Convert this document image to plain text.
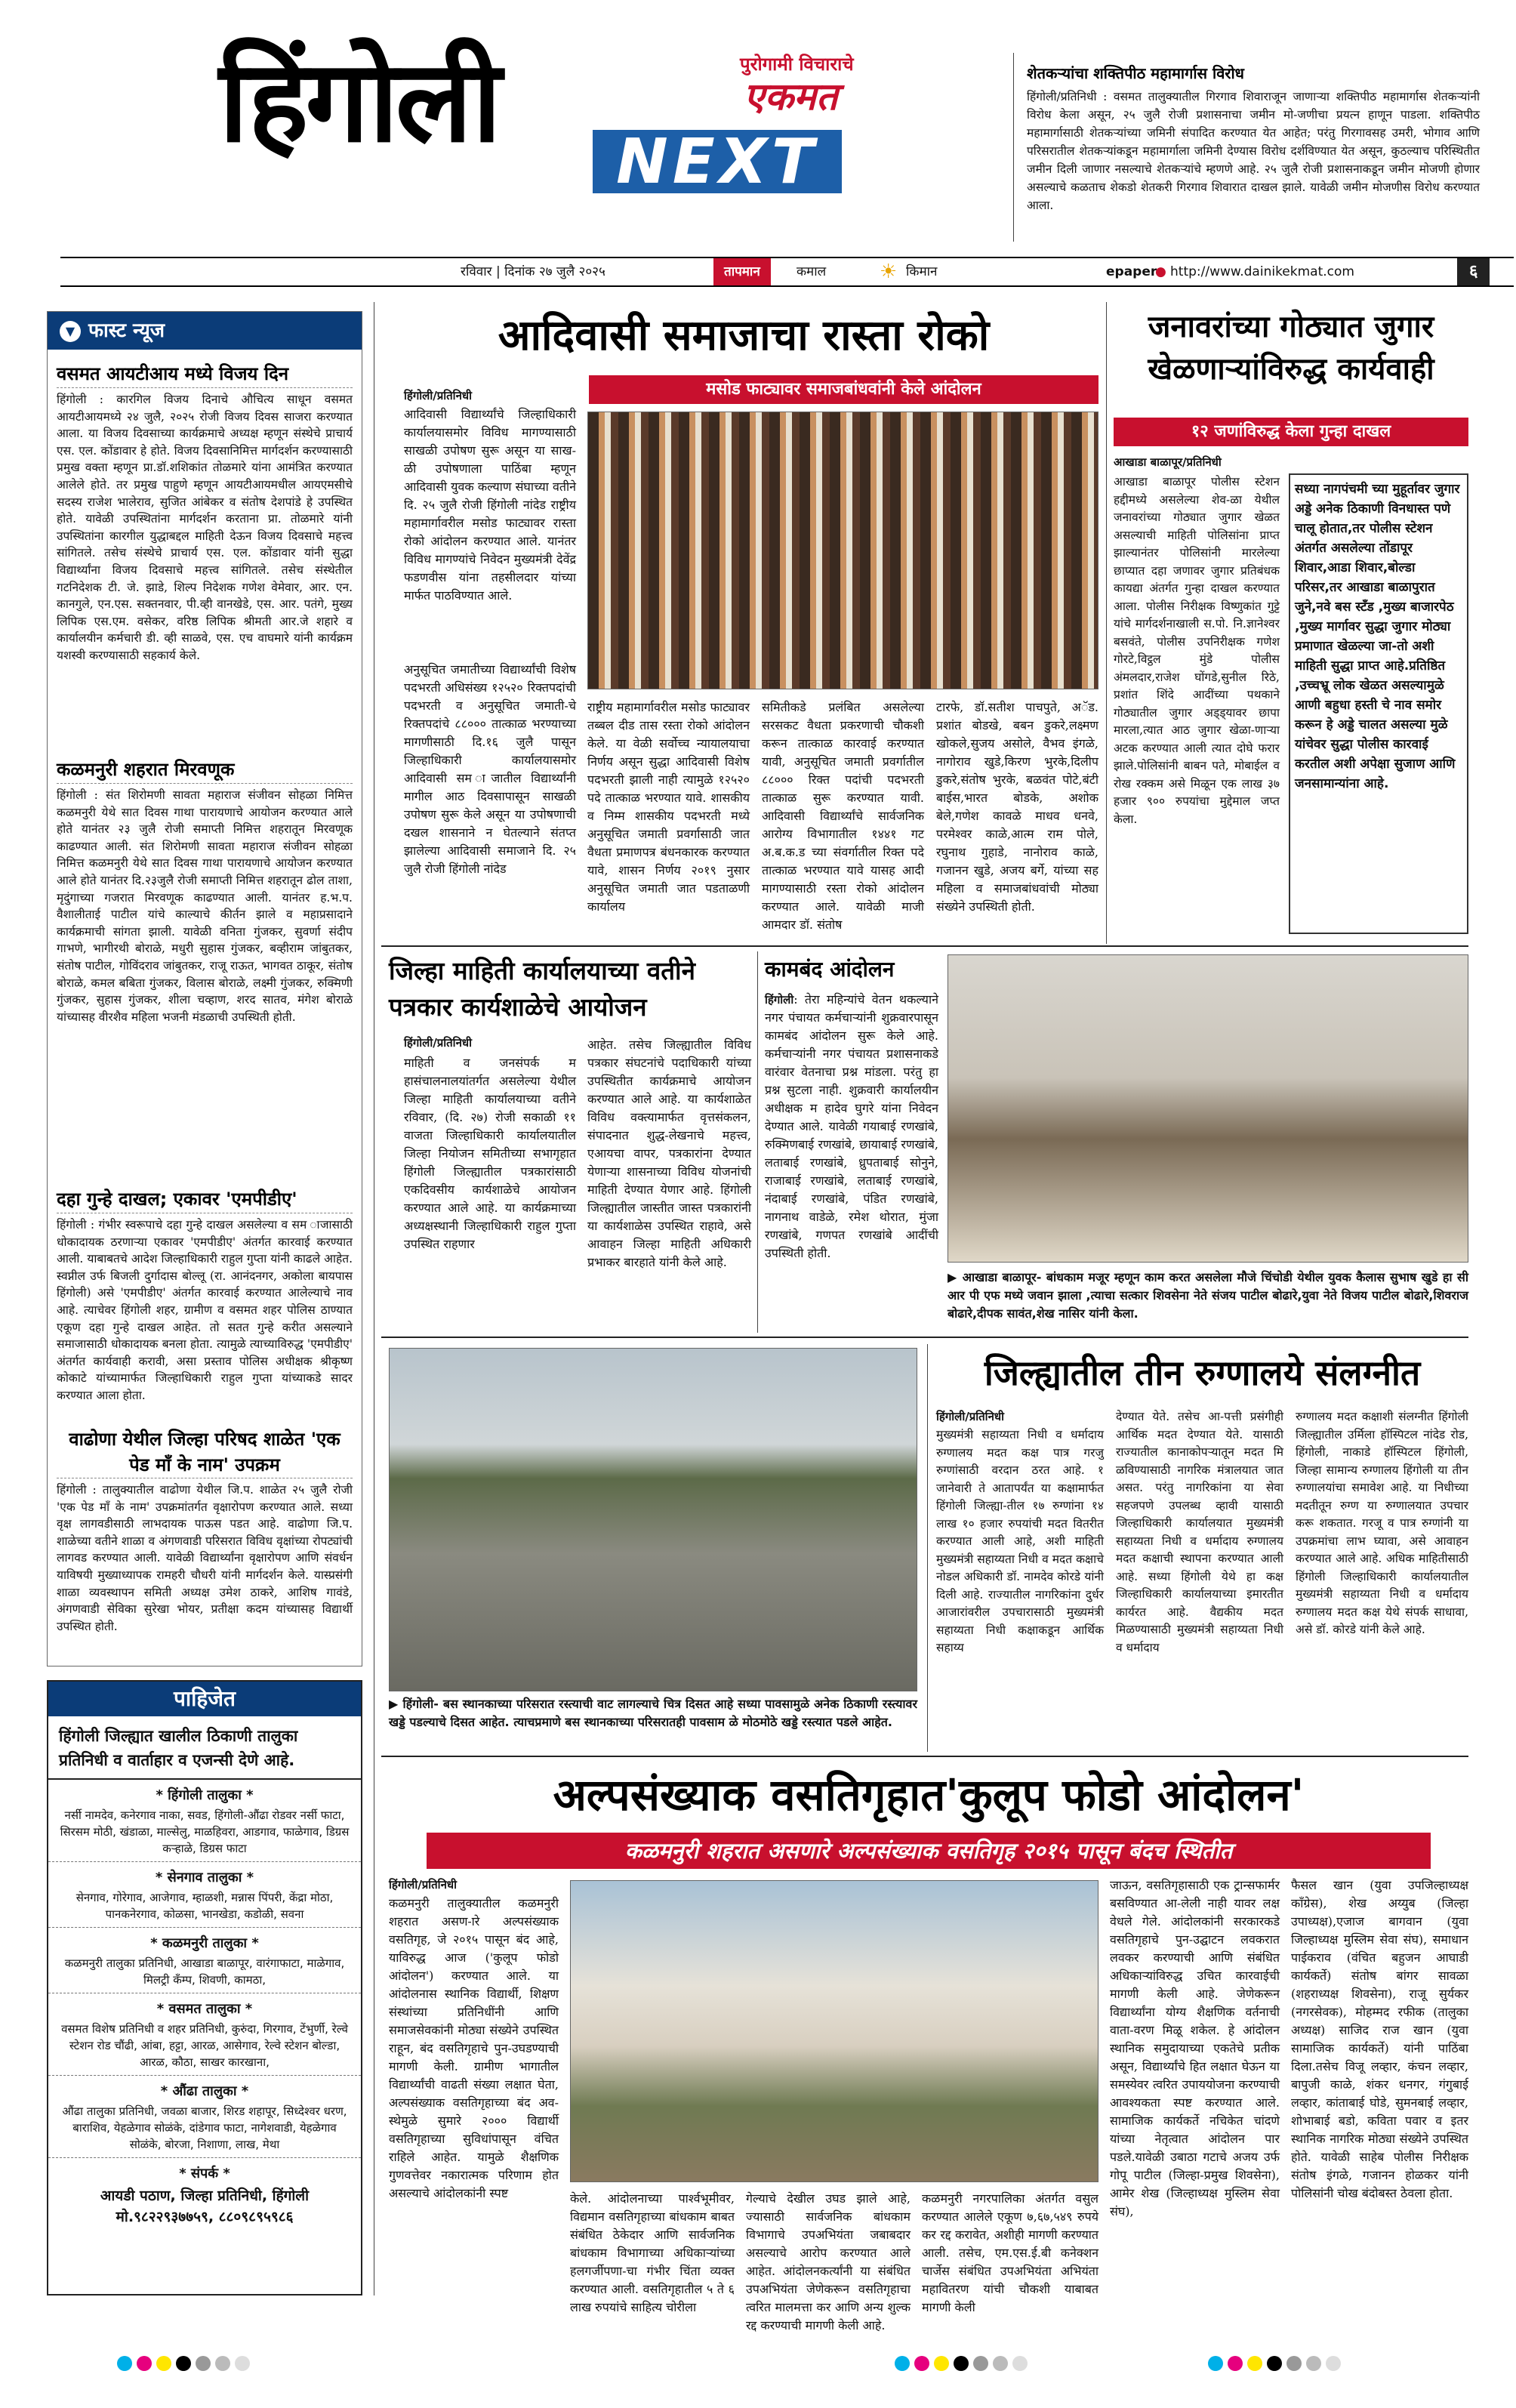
हिंगोली	पुरोगामी विचाराचे
एकमत
NEXT
शेतकऱ्यांचा शक्तिपीठ महामार्गास विरोध
हिंगोली/प्रतिनिधी : वसमत तालुक्यातील गिरगाव शिवाराजून जाणाऱ्या शक्तिपीठ महामार्गास शेतकऱ्यांनी विरोध केला असून, २५ जुलै रोजी प्रशासनाचा जमीन मो-जणीचा प्रयत्न हाणून पाडला. शक्तिपीठ महामार्गासाठी शेतकऱ्यांच्या जमिनी संपादित करण्यात येत आहेत; परंतु गिरगावसह उमरी, भोगाव आणि परिसरातील शेतकऱ्यांकडून महामार्गाला जमिनी देण्यास विरोध दर्शविण्यात येत असून, कुठल्याच परिस्थितीत जमीन दिली जाणार नसल्याचे शेतकऱ्यांचे म्हणणे आहे. २५ जुलै रोजी प्रशासनाकडून जमीन मोजणी होणार असल्याचे कळताच शेकडो शेतकरी गिरगाव शिवारात दाखल झाले. यावेळी जमीन मोजणीस विरोध करण्यात आला.
रविवार | दिनांक २७ जुलै २०२५	तापमान	कमाल	☀ किमान	epaper
● http://www.dainikekmat.com	६
▼ फास्ट न्यूज
वसमत आयटीआय मध्ये विजय दिन
हिंगोली : कारगिल विजय दिनाचे औचित्य साधून वसमत आयटीआयमध्ये २४ जुलै, २०२५ रोजी विजय दिवस साजरा करण्यात आला. या विजय दिवसाच्या कार्यक्रमाचे अध्यक्ष म्हणून संस्थेचे प्राचार्य एस. एल. कोंडावार हे होते. विजय दिवसानिमित्त मार्गदर्शन करण्यासाठी प्रमुख वक्ता म्हणून प्रा.डॉ.शशिकांत तोळमारे यांना आमंत्रित करण्यात आलेले होते. तर प्रमुख पाहुणे म्हणून आयटीआयमधील आयएमसीचे सदस्य राजेश भालेराव, सुजित आंबेकर व संतोष देशपांडे हे उपस्थित होते. यावेळी उपस्थितांना मार्गदर्शन करताना प्रा. तोळमारे यांनी उपस्थितांना कारगील युद्धाबद्दल माहिती देऊन विजय दिवसाचे महत्त्व सांगितले. तसेच संस्थेचे प्राचार्य एस. एल. कोंडावार यांनी सुद्धा विद्यार्थ्यांना विजय दिवसाचे महत्त्व सांगितले. तसेच संस्थेतील गटनिदेशक टी. जे. झाडे, शिल्प निदेशक गणेश वेमेवार, आर. एन. कानगुले, एन.एस. सक्तनवार, पी.व्ही वानखेडे, एस. आर. पतंगे, मुख्य लिपिक एस.एम. वसेकर, वरिष्ठ लिपिक श्रीमती आर.जे शहारे व कार्यालयीन कर्मचारी डी. व्ही साळवे, एस. एच वाघमारे यांनी कार्यक्रम यशस्वी करण्यासाठी सहकार्य केले.
कळमनुरी शहरात मिरवणूक
हिंगोली : संत शिरोमणी सावता महाराज संजीवन सोहळा निमित्त कळमनुरी येथे सात दिवस गाथा पारायणाचे आयोजन करण्यात आले होते यानंतर २३ जुलै रोजी समाप्ती निमित्त शहरातून मिरवणूक काढण्यात आली. संत शिरोमणी सावता महाराज संजीवन सोहळा निमित्त कळमनुरी येथे सात दिवस गाथा पारायणाचे आयोजन करण्यात आले होते यानंतर दि.२३जुलै रोजी समाप्ती निमित्त शहरातून ढोल ताशा, मृदुंगाच्या गजरात मिरवणूक काढण्यात आली. यानंतर ह.भ.प. वैशालीताई पाटील यांचे काल्याचे कीर्तन झाले व महाप्रसादाने कार्यक्रमाची सांगता झाली. यावेळी वनिता गुंजकर, सुवर्णा संदीप गाभणे, भागीरथी बोराळे, मधुरी सुहास गुंजकर, बव्हीराम जांबुतकर, संतोष पाटील, गोविंदराव जांबुतकर, राजू राऊत, भागवत ठाकूर, संतोष बोराळे, कमल बबिता गुंजकर, विलास बोराळे, लक्ष्मी गुंजकर, रुक्मिणी गुंजकर, सुहास गुंजकर, शीला चव्हाण, शरद सातव, मंगेश बोराळे यांच्यासह वीरशैव महिला भजनी मंडळाची उपस्थिती होती.
दहा गुन्हे दाखल; एकावर 'एमपीडीए'
हिंगोली : गंभीर स्वरूपाचे दहा गुन्हे दाखल असलेल्या व सम ाजासाठी धोकादायक ठरणाऱ्या एकावर 'एमपीडीए' अंतर्गत कारवाई करण्यात आली. याबाबतचे आदेश जिल्हाधिकारी राहुल गुप्ता यांनी काढले आहेत. स्वप्नील उर्फ बिजली दुर्गादास बोल्लू (रा. आनंदनगर, अकोला बायपास हिंगोली) असे 'एमपीडीए' अंतर्गत कारवाई करण्यात आलेल्याचे नाव आहे. त्याचेवर हिंगोली शहर, ग्रामीण व वसमत शहर पोलिस ठाण्यात एकूण दहा गुन्हे दाखल आहेत. तो सतत गुन्हे करीत असल्याने समाजासाठी धोकादायक बनला होता. त्यामुळे त्याच्याविरुद्ध 'एमपीडीए' अंतर्गत कार्यवाही करावी, असा प्रस्ताव पोलिस अधीक्षक श्रीकृष्ण कोकाटे यांच्यामार्फत जिल्हाधिकारी राहुल गुप्ता यांच्याकडे सादर करण्यात आला होता.
वाढोणा येथील जिल्हा परिषद शाळेत 'एक पेड माँ के नाम' उपक्रम
हिंगोली : तालुक्यातील वाढोणा येथील जि.प. शाळेत २५ जुलै रोजी 'एक पेड माँ के नाम' उपक्रमांतर्गत वृक्षारोपण करण्यात आले. सध्या वृक्ष लागवडीसाठी लाभदायक पाऊस पडत आहे. वाढोणा जि.प. शाळेच्या वतीने शाळा व अंगणवाडी परिसरात विविध वृक्षांच्या रोपट्यांची लागवड करण्यात आली. यावेळी विद्यार्थ्यांना वृक्षारोपण आणि संवर्धन याविषयी मुख्याध्यापक रामहरी चौधरी यांनी मार्गदर्शन केले. यास्प्रसंगी शाळा व्यवस्थापन समिती अध्यक्ष उमेश ठाकरे, आशिष गावंडे, अंगणवाडी सेविका सुरेखा भोयर, प्रतीक्षा कदम यांच्यासह विद्यार्थी उपस्थित होती.
पाहिजेत
हिंगोली जिल्ह्यात खालील ठिकाणी तालुका प्रतिनिधी व वार्ताहार व एजन्सी देणे आहे.
* हिंगोली तालुका *
नर्सी नामदेव, कनेरगाव नाका, सवड, हिंगोली-औंढा रोडवर नर्सी फाटा, सिरसम मोठी, खंडाळा, माल्सेलु, माळहिवरा, आडगाव, फाळेगाव, डिग्रस कऱ्हाळे, डिग्रस फाटा
* सेनगाव तालुका *
सेनगाव, गोरेगाव, आजेगाव, म्हाळशी, मन्नास पिंपरी, केंद्रा मोठा, पानकनेरगाव, कोळसा, भानखेडा, कडोळी, सवना
* कळमनुरी तालुका *
कळमनुरी तालुका प्रतिनिधी, आखाडा बाळापूर, वारंगाफाटा, माळेगाव, मिलट्री कँम्प, शिवणी, कामठा,
* वसमत तालुका *
वसमत विशेष प्रतिनिधी व शहर प्रतिनिधी, कुरुंदा, गिरगाव, टेंभुर्णी, रेल्वे स्टेशन रोड चौंढी, आंबा, हट्टा, आरळ, आसेगाव, रेल्वे स्टेशन बोल्डा, आरळ, कौठा, साखर कारखाना,
* औंढा तालुका *
औंढा तालुका प्रतिनिधी, जवळा बाजार, शिरड शहापूर, सिध्देश्वर धरण, बाराशिव, येहळेगाव सोळंके, दांडेगाव फाटा, नागेशवाडी, येहळेगाव सोळंके, बोरजा, निशाणा, लाख, मेथा
* संपर्क *
आयडी पठाण, जिल्हा प्रतिनिधी, हिंगोली मो.९८२२९३७७५९, ८८०९८९५९८६
आदिवासी समाजाचा रास्ता रोको
मसोड फाट्यावर समाजबांधवांनी केले आंदोलन
हिंगोली/प्रतिनिधी
आदिवासी विद्यार्थ्यांचे जिल्हाधिकारी कार्यालयासमोर विविध मागण्यासाठी साखळी उपोषण सुरू असून या साख-ळी उपोषणाला पाठिंबा म्हणून आदिवासी युवक कल्याण संघाच्या वतीने दि. २५ जुलै रोजी हिंगोली नांदेड राष्ट्रीय महामार्गावरील मसोड फाट्यावर रास्ता रोको आंदोलन करण्यात आले. यानंतर विविध मागण्यांचे निवेदन मुख्यमंत्री देवेंद्र फडणवीस यांना तहसीलदार यांच्या मार्फत पाठविण्यात आले.
अनुसूचित जमातीच्या विद्यार्थ्यांची विशेष पदभरती अधिसंख्य १२५२० रिक्तपदांची पदभरती व अनुसूचित जमाती-चे रिक्तपदांचे ८८००० तात्काळ भरण्याच्या मागणीसाठी दि.१६ जुलै पासून जिल्हाधिकारी कार्यालयासमोर आदिवासी सम ाजातील विद्यार्थ्यांनी मागील आठ दिवसापासून साखळी उपोषण सुरू केले असून या उपोषणाची दखल शासनाने न घेतल्याने संतप्त झालेल्या आदिवासी समाजाने दि. २५ जुलै रोजी हिंगोली नांदेड
राष्ट्रीय महामार्गावरील मसोड फाट्यावर तब्बल दीड तास रस्ता रोको आंदोलन केले. या वेळी सर्वोच्च न्यायालयाचा निर्णय असून सुद्धा आदिवासी विशेष पदभरती झाली नाही त्यामुळे १२५२० पदे तात्काळ भरण्यात यावे. शासकीय व निम्म शासकीय पदभरती मध्ये अनुसूचित जमाती प्रवर्गासाठी जात वैधता प्रमाणपत्र बंधनकारक करण्यात यावे, शासन निर्णय २०१९ नुसार अनुसूचित जमाती जात पडताळणी कार्यालय
समितीकडे प्रलंबित असलेल्या सरसकट वैधता प्रकरणाची चौकशी करून तात्काळ कारवाई करण्यात यावी, अनुसूचित जमाती प्रवर्गातील ८८००० रिक्त पदांची पदभरती तात्काळ सुरू करण्यात यावी. आदिवासी विद्यार्थ्यांचे सार्वजनिक आरोग्य विभागातील १४४१ गट अ.ब.क.ड च्या संवर्गातील रिक्त पदे तात्काळ भरण्यात यावे यासह आदी मागण्यासाठी रस्ता रोको आंदोलन करण्यात आले. यावेळी माजी आमदार डॉ. संतोष
टारफे, डॉ.सतीश पाचपुते, अॅड. प्रशांत बोडखे, बबन डुकरे,लक्ष्मण खोकले,सुजय असोले, वैभव इंगळे, नागोराव खुडे,किरण भुरके,दिलीप डुकरे,संतोष भुरके, बळवंत पोटे,बंटी बाईस,भारत बोडके, अशोक बेले,गणेश कावळे माधव धनवे, परमेश्वर काळे,आत्म राम पोले, रघुनाथ गुहाडे, नानोराव काळे, गजानन खुडे, अजय बर्गे, यांच्या सह महिला व समाजबांधवांची मोठ्या संख्येने उपस्थिती होती.
जनावरांच्या गोठ्यात जुगार खेळणाऱ्यांविरुद्ध कार्यवाही
१२ जणांविरुद्ध केला गुन्हा दाखल
आखाडा बाळापूर/प्रतिनिधी
आखाडा बाळापूर पोलीस स्टेशन हद्दीमध्ये असलेल्या शेव-ळा येथील जनावरांच्या गोठ्यात जुगार खेळत असल्याची माहिती पोलिसांना प्राप्त झाल्यानंतर पोलिसांनी मारलेल्या छाप्यात दहा जणावर जुगार प्रतिबंधक कायद्या अंतर्गत गुन्हा दाखल करण्यात आला. पोलीस निरीक्षक विष्णुकांत गुट्टे यांचे मार्गदर्शनाखाली स.पो. नि.ज्ञानेश्वर बसवंते, पोलीस उपनिरीक्षक गणेश गोरटे,विट्ठल मुंडे पोलीस अंमलदार,राजेश घोंगडे,सुनील रिठे, प्रशांत शिंदे आदींच्या पथकाने गोठ्यातील जुगार अड्ड्यावर छापा मारला,त्यात आठ जुगार खेळा-णाऱ्या अटक करण्यात आली त्यात दोघे फरार झाले.पोलिसांनी बाबन पते, मोबाईल व रोख रक्कम असे मिळून एक लाख ३७ हजार ९०० रुपयांचा मुद्देमाल जप्त केला.
सध्या नागपंचमी च्या मुहूर्तावर जुगार अड्डे अनेक ठिकाणी विनधास्त पणे चालू होतात,तर पोलीस स्टेशन अंतर्गत असलेल्या तोंडापूर शिवार,आडा शिवार,बोल्डा परिसर,तर आखाडा बाळापुरात जुने,नवे बस स्टँड ,मुख्य बाजारपेठ ,मुख्य मार्गावर सुद्धा जुगार मोठ्या प्रमाणात खेळल्या जा-तो अशी माहिती सुद्धा प्राप्त आहे.प्रतिष्ठित ,उच्चभ्रू लोक खेळत असल्यामुळे आणी बहुधा हस्ती चे नाव समोर करून हे अड्डे चालत असल्या मुळे यांचेवर सुद्धा पोलीस कारवाई करतील अशी अपेक्षा सुजाण आणि जनसामान्यांना आहे.
जिल्हा माहिती कार्यालयाच्या वतीने पत्रकार कार्यशाळेचे आयोजन
हिंगोली/प्रतिनिधी
माहिती व जनसंपर्क म हासंचालनालयांतर्गत असलेल्या येथील जिल्हा माहिती कार्यालयाच्या वतीने रविवार, (दि. २७) रोजी सकाळी ११ वाजता जिल्हाधिकारी कार्यालयातील जिल्हा नियोजन समितीच्या सभागृहात हिंगोली जिल्ह्यातील पत्रकारांसाठी एकदिवसीय कार्यशाळेचे आयोजन करण्यात आले आहे. या कार्यक्रमाच्या अध्यक्षस्थानी जिल्हाधिकारी राहुल गुप्ता उपस्थित राहणार
आहेत. तसेच जिल्ह्यातील विविध पत्रकार संघटनांचे पदाधिकारी यांच्या उपस्थितीत कार्यक्रमाचे आयोजन करण्यात आले आहे. या कार्यशाळेत विविध वक्त्यामार्फत वृत्तसंकलन, संपादनात शुद्ध-लेखनाचे महत्त्व, एआयचा वापर, पत्रकारांना देण्यात येणाऱ्या शासनाच्या विविध योजनांची माहिती देण्यात येणार आहे. हिंगोली जिल्ह्यातील जास्तीत जास्त पत्रकारांनी या कार्यशाळेस उपस्थित राहावे, असे आवाहन जिल्हा माहिती अधिकारी प्रभाकर बारहाते यांनी केले आहे.
कामबंद आंदोलन
हिंगोली: तेरा महिन्यांचे वेतन थकल्याने नगर पंचायत कर्मचाऱ्यांनी शुक्रवारपासून कामबंद आंदोलन सुरू केले आहे. कर्मचाऱ्यांनी नगर पंचायत प्रशासनाकडे वारंवार वेतनाचा प्रश्न मांडला. परंतु हा प्रश्न सुटला नाही. शुक्रवारी कार्यालयीन अधीक्षक म हादेव घुगरे यांना निवेदन देण्यात आले. यावेळी गयाबाई रणखांबे, रुक्मिणबाई रणखांबे, छायाबाई रणखांबे, लताबाई रणखांबे, ध्रुपताबाई सोनुने, राजाबाई रणखांबे, लताबाई रणखांबे, नंदाबाई रणखांबे, पंडित रणखांबे, नागनाथ वाडेळे, रमेश थोरात, मुंजा रणखांबे, गणपत रणखांबे आदींची उपस्थिती होती.
▶ आखाडा बाळापूर- बांधकाम मजूर म्हणून काम करत असलेला मौजे चिंचोडी येथील युवक कैलास सुभाष खुडे हा सी आर पी एफ मध्ये जवान झाला ,त्याचा सत्कार शिवसेना नेते संजय पाटील बोढारे,युवा नेते विजय पाटील बोढारे,शिवराज बोढारे,दीपक सावंत,शेख नासिर यांनी केला.
▶ हिंगोली- बस स्थानकाच्या परिसरात रस्त्याची वाट लागल्याचे चित्र दिसत आहे सध्या पावसामुळे अनेक ठिकाणी रस्त्यावर खड्डे पडल्याचे दिसत आहेत. त्याचप्रमाणे बस स्थानकाच्या परिसरातही पावसाम ळे मोठमोठे खड्डे रस्त्यात पडले आहेत.
जिल्ह्यातील तीन रुग्णालये संलग्नीत
हिंगोली/प्रतिनिधी
मुख्यमंत्री सहाय्यता निधी व धर्मादाय रुग्णालय मदत कक्ष पात्र गरजु रुग्णांसाठी वरदान ठरत आहे. १ जानेवारी ते आतापर्यंत या कक्षामार्फत हिंगोली जिल्ह्या-तील १७ रुग्णांना १४ लाख १० हजार रुपयांची मदत वितरीत करण्यात आली आहे, अशी माहिती मुख्यमंत्री सहाय्यता निधी व मदत कक्षाचे नोडल अधिकारी डॉ. नामदेव कोरडे यांनी दिली आहे. राज्यातील नागरिकांना दुर्धर आजारांवरील उपचारासाठी मुख्यमंत्री सहाय्यता निधी कक्षाकडून आर्थिक सहाय्य
देण्यात येते. तसेच आ-पत्ती प्रसंगीही आर्थिक मदत देण्यात येते. यासाठी राज्यातील कानाकोपऱ्यातून मदत मि ळविण्यासाठी नागरिक मंत्रालयात जात असत. परंतु नागरिकांना या सेवा सहजपणे उपलब्ध व्हावी यासाठी जिल्हाधिकारी कार्यालयात मुख्यमंत्री सहाय्यता निधी व धर्मादाय रुग्णालय मदत कक्षाची स्थापना करण्यात आली आहे. सध्या हिंगोली येथे हा कक्ष जिल्हाधिकारी कार्यालयाच्या इमारतीत कार्यरत आहे. वैद्यकीय मदत मिळण्यासाठी मुख्यमंत्री सहाय्यता निधी व धर्मादाय
रुग्णालय मदत कक्षाशी संलग्नीत हिंगोली जिल्ह्यातील उर्मिला हॉस्पिटल नांदेड रोड, हिंगोली, नाकाडे हॉस्पिटल हिंगोली, जिल्हा सामान्य रुग्णालय हिंगोली या तीन रुग्णालयांचा समावेश आहे. या निधीच्या मदतीतून रुग्ण या रुग्णालयात उपचार करू शकतात. गरजू व पात्र रुग्णांनी या उपक्रमांचा लाभ घ्यावा, असे आवाहन करण्यात आले आहे. अधिक माहितीसाठी हिंगोली जिल्हाधिकारी कार्यालयातील मुख्यमंत्री सहाय्यता निधी व धर्मादाय रुग्णालय मदत कक्ष येथे संपर्क साधावा, असे डॉ. कोरडे यांनी केले आहे.
अल्पसंख्याक वसतिगृहात'कुलूप फोडो आंदोलन'
कळमनुरी शहरात असणारे अल्पसंख्याक वसतिगृह २०१५ पासून बंदच स्थितीत
हिंगोली/प्रतिनिधी
कळमनुरी तालुक्यातील कळमनुरी शहरात असण-ारे अल्पसंख्याक वसतिगृह, जे २०१५ पासून बंद आहे, याविरुद्ध आज ('कुलूप फोडो आंदोलन') करण्यात आले. या आंदोलनास स्थानिक विद्यार्थी, शिक्षण संस्थांच्या प्रतिनिधींनी आणि समाजसेवकांनी मोठ्या संख्येने उपस्थित राहून, बंद वसतिगृहाचे पुन-उघडण्याची मागणी केली. ग्रामीण भागातील विद्यार्थ्यांची वाढती संख्या लक्षात घेता, अल्पसंख्याक वसतिगृहाच्या बंद अव-स्थेमुळे सुमारे २००० विद्यार्थी वसतिगृहाच्या सुविधांपासून वंचित राहिले आहेत. यामुळे शैक्षणिक गुणवत्तेवर नकारात्मक परिणाम होत असल्याचे आंदोलकांनी स्पष्ट	केले. आंदोलनाच्या पार्श्वभूमीवर, विद्यमान वसतिगृहाच्या बांधकाम बाबत संबंधित ठेकेदार आणि सार्वजनिक बांधकाम विभागाच्या अधिकाऱ्यांच्या हलगर्जीपणा-चा गंभीर चिंता व्यक्त करण्यात आली. वसतिगृहातील ५ ते ६ लाख रुपयांचे साहित्य चोरीला
गेल्याचे देखील उघड झाले आहे, ज्यासाठी सार्वजनिक बांधकाम विभागाचे उपअभियंता जबाबदार असल्याचे आरोप करण्यात आले आहेत. आंदोलनकर्त्यांनी या संबंधित उपअभियंता जेणेकरून वसतिगृहाचा त्वरित मालमत्ता कर आणि अन्य शुल्क रद्द करण्याची मागणी केली आहे.
कळमनुरी नगरपालिका अंतर्गत वसुल करण्यात आलेले एकूण ७,६७,५४९ रुपये कर रद्द करावेत, अशीही मागणी करण्यात आली. तसेच, एम.एस.ई.बी कनेक्शन चार्जेस संबंधित उपअभियंता अभियंता महावितरण यांची चौकशी याबाबत मागणी केली
जाऊन, वसतिगृहासाठी एक ट्रान्सफार्मर बसविण्यात आ-लेली नाही यावर लक्ष वेधले गेले. आंदोलकांनी सरकारकडे वसतिगृहाचे पुन-उद्घाटन लवकरात लवकर करण्याची आणि संबंधित अधिकाऱ्यांविरुद्ध उचित कारवाईची मागणी केली आहे. जेणेकरून विद्यार्थ्यांना योग्य शैक्षणिक वर्तनाची वाता-वरण मिळू शकेल. हे आंदोलन स्थानिक समुदायाच्या एकतेचे प्रतीक असून, विद्यार्थ्यांचे हित लक्षात घेऊन या समस्येवर त्वरित उपाययोजना करण्याची आवश्यकता स्पष्ट करण्यात आले. सामाजिक कार्यकर्ते नचिकेत चांदणे यांच्या नेतृत्वात आंदोलन पार पडले.यावेळी उबाठा गटाचे अजय उर्फ गोपू पाटील (जिल्हा-प्रमुख शिवसेना), आमेर शेख (जिल्हाध्यक्ष मुस्लिम सेवा संघ),
फैसल खान (युवा उपजिल्हाध्यक्ष कॉंग्रेस), शेख अय्युब (जिल्हा उपाध्यक्ष),एजाज बागवान (युवा जिल्हाध्यक्ष मुस्लिम सेवा संघ), समाधान पाईकराव (वंचित बहुजन आघाडी कार्यकर्ते) संतोष बांगर सावळा (शहराध्यक्ष शिवसेना), राजू सुर्यकर (नगरसेवक), मोहम्मद रफीक (तालुका अध्यक्ष) साजिद राज खान (युवा सामाजिक कार्यकर्ते) यांनी पाठिंबा दिला.तसेच विजू लव्हार, कंचन लव्हार, बापुजी काळे, शंकर धनगर, गंगुबाई लव्हार, कांताबाई घोडे, सुमनबाई लव्हार, शोभाबाई बडो, कविता पवार व इतर स्थानिक नागरिक मोठ्या संख्येने उपस्थित होते. यावेळी साहेब पोलीस निरीक्षक संतोष इंगळे, गजानन होळकर यांनी पोलिसांनी चोख बंदोबस्त ठेवला होता.
